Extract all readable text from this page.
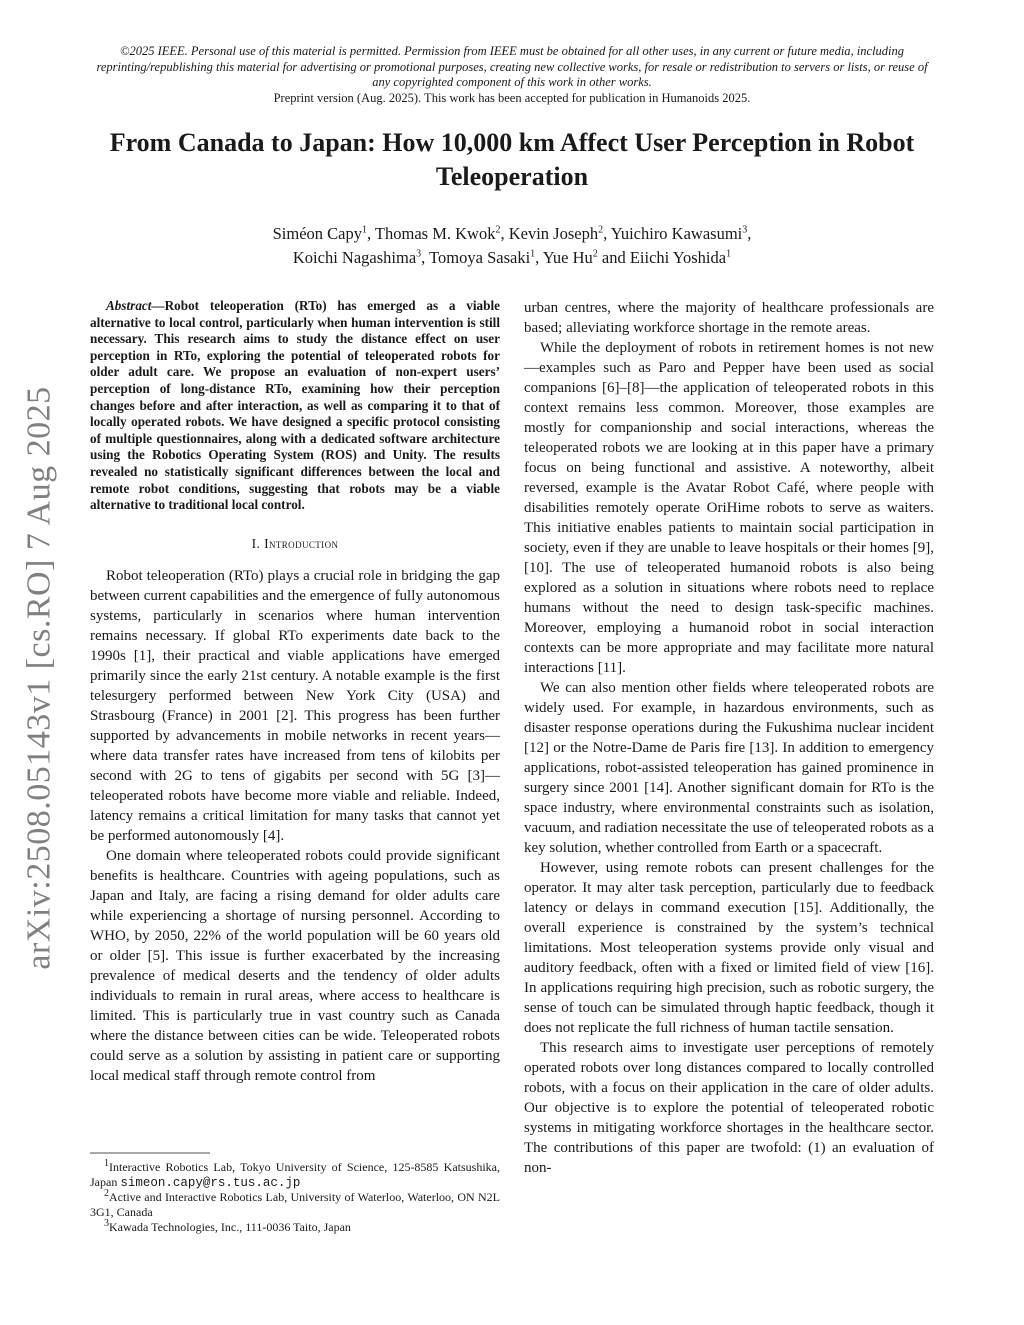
©2025 IEEE. Personal use of this material is permitted. Permission from IEEE must be obtained for all other uses, in any current or future media, including reprinting/republishing this material for advertising or promotional purposes, creating new collective works, for resale or redistribution to servers or lists, or reuse of any copyrighted component of this work in other works.
Preprint version (Aug. 2025). This work has been accepted for publication in Humanoids 2025.
From Canada to Japan: How 10,000 km Affect User Perception in Robot Teleoperation
Siméon Capy$^1$, Thomas M. Kwok$^2$, Kevin Joseph$^2$, Yuichiro Kawasumi$^3$,
Koichi Nagashima$^3$, Tomoya Sasaki$^1$, Yue Hu$^2$ and Eiichi Yoshida$^1$
arXiv:2508.05143v1 [cs.RO] 7 Aug 2025

Abstract—Robot teleoperation (RTo) has emerged as a viable alternative to local control, particularly when human intervention is still necessary. This research aims to study the distance effect on user perception in RTo, exploring the potential of teleoperated robots for older adult care. We propose an evaluation of non-expert users’ perception of long-distance RTo, examining how their perception changes before and after interaction, as well as comparing it to that of locally operated robots. We have designed a specific protocol consisting of multiple questionnaires, along with a dedicated software architecture using the Robotics Operating System (ROS) and Unity. The results revealed no statistically significant differences between the local and remote robot conditions, suggesting that robots may be a viable alternative to traditional local control.

I. Introduction

Robot teleoperation (RTo) plays a crucial role in bridging the gap between current capabilities and the emergence of fully autonomous systems, particularly in scenarios where human intervention remains necessary. If global RTo experiments date back to the 1990s [1], their practical and viable applications have emerged primarily since the early 21st century. A notable example is the first telesurgery performed between New York City (USA) and Strasbourg (France) in 2001 [2]. This progress has been further supported by advancements in mobile networks in recent years—where data transfer rates have increased from tens of kilobits per second with 2G to tens of gigabits per second with 5G [3]—teleoperated robots have become more viable and reliable. Indeed, latency remains a critical limitation for many tasks that cannot yet be performed autonomously [4].

One domain where teleoperated robots could provide significant benefits is healthcare. Countries with ageing populations, such as Japan and Italy, are facing a rising demand for older adults care while experiencing a shortage of nursing personnel. According to WHO, by 2050, 22% of the world population will be 60 years old or older [5]. This issue is further exacerbated by the increasing prevalence of medical deserts and the tendency of older adults individuals to remain in rural areas, where access to healthcare is limited. This is particularly true in vast country such as Canada where the distance between cities can be wide. Teleoperated robots could serve as a solution by assisting in patient care or supporting local medical staff through remote control from

$^1$Interactive Robotics Lab, Tokyo University of Science, 125-8585 Katsushika, Japan simeon.capy@rs.tus.ac.jp
$^2$Active and Interactive Robotics Lab, University of Waterloo, Waterloo, ON N2L 3G1, Canada
$^3$Kawada Technologies, Inc., 111-0036 Taito, Japan

urban centres, where the majority of healthcare professionals are based; alleviating workforce shortage in the remote areas.

While the deployment of robots in retirement homes is not new—examples such as Paro and Pepper have been used as social companions [6]–[8]—the application of teleoperated robots in this context remains less common. Moreover, those examples are mostly for companionship and social interactions, whereas the teleoperated robots we are looking at in this paper have a primary focus on being functional and assistive. A noteworthy, albeit reversed, example is the Avatar Robot Café, where people with disabilities remotely operate OriHime robots to serve as waiters. This initiative enables patients to maintain social participation in society, even if they are unable to leave hospitals or their homes [9], [10]. The use of teleoperated humanoid robots is also being explored as a solution in situations where robots need to replace humans without the need to design task-specific machines. Moreover, employing a humanoid robot in social interaction contexts can be more appropriate and may facilitate more natural interactions [11].

We can also mention other fields where teleoperated robots are widely used. For example, in hazardous environments, such as disaster response operations during the Fukushima nuclear incident [12] or the Notre-Dame de Paris fire [13]. In addition to emergency applications, robot-assisted teleoperation has gained prominence in surgery since 2001 [14]. Another significant domain for RTo is the space industry, where environmental constraints such as isolation, vacuum, and radiation necessitate the use of teleoperated robots as a key solution, whether controlled from Earth or a spacecraft.

However, using remote robots can present challenges for the operator. It may alter task perception, particularly due to feedback latency or delays in command execution [15]. Additionally, the overall experience is constrained by the system’s technical limitations. Most teleoperation systems provide only visual and auditory feedback, often with a fixed or limited field of view [16]. In applications requiring high precision, such as robotic surgery, the sense of touch can be simulated through haptic feedback, though it does not replicate the full richness of human tactile sensation.

This research aims to investigate user perceptions of remotely operated robots over long distances compared to locally controlled robots, with a focus on their application in the care of older adults. Our objective is to explore the potential of teleoperated robotic systems in mitigating workforce shortages in the healthcare sector. The contributions of this paper are twofold: (1) an evaluation of non-
